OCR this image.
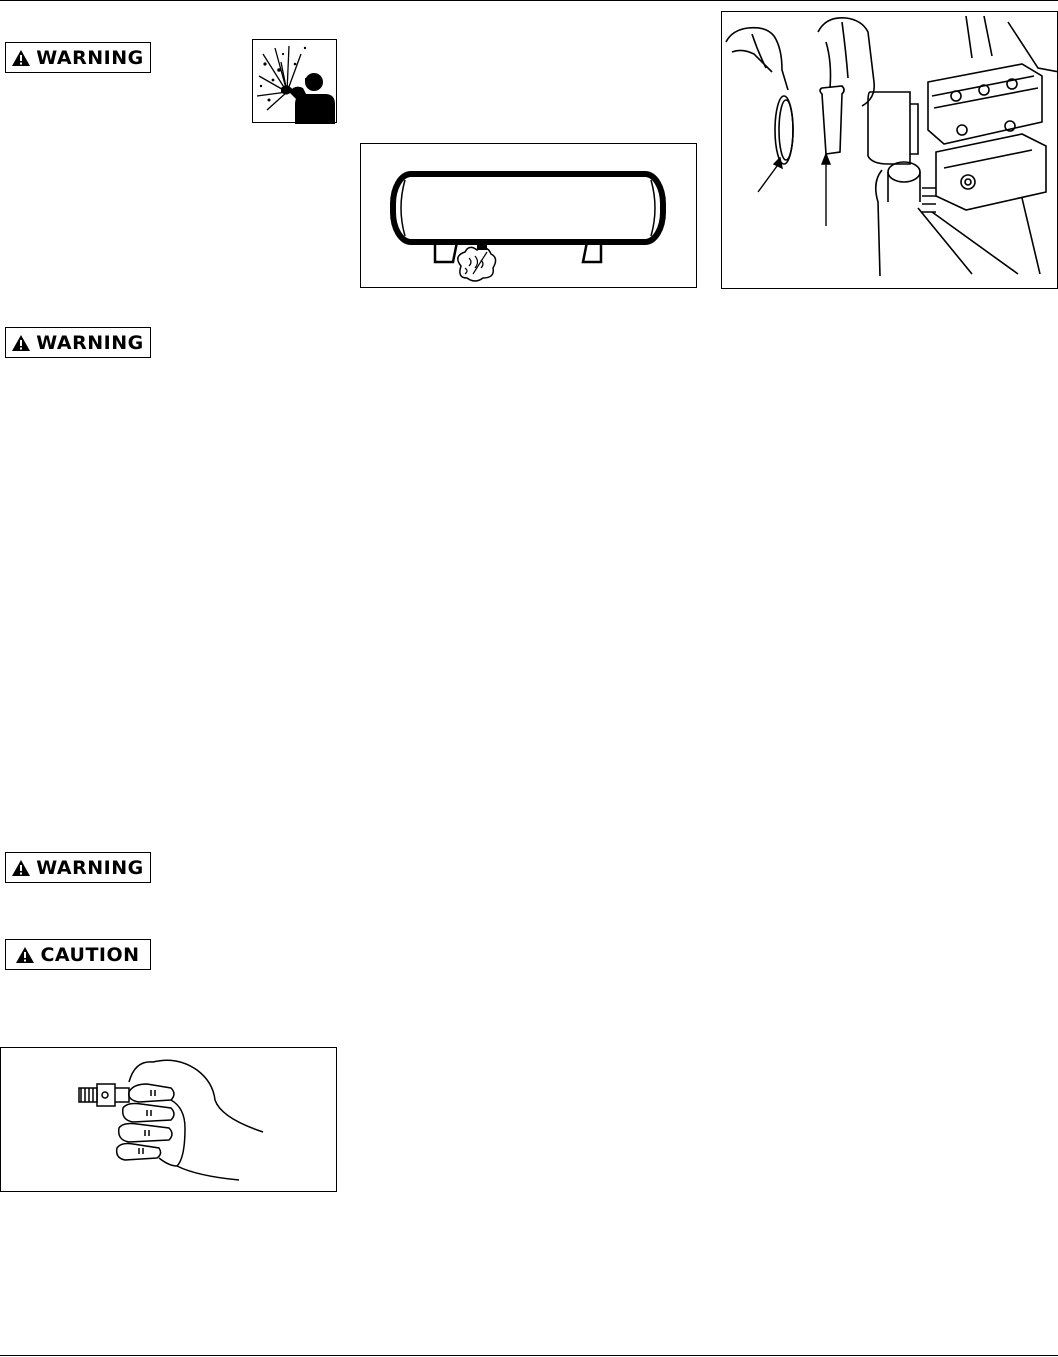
WARNING
WARNING
WARNING
CAUTION
